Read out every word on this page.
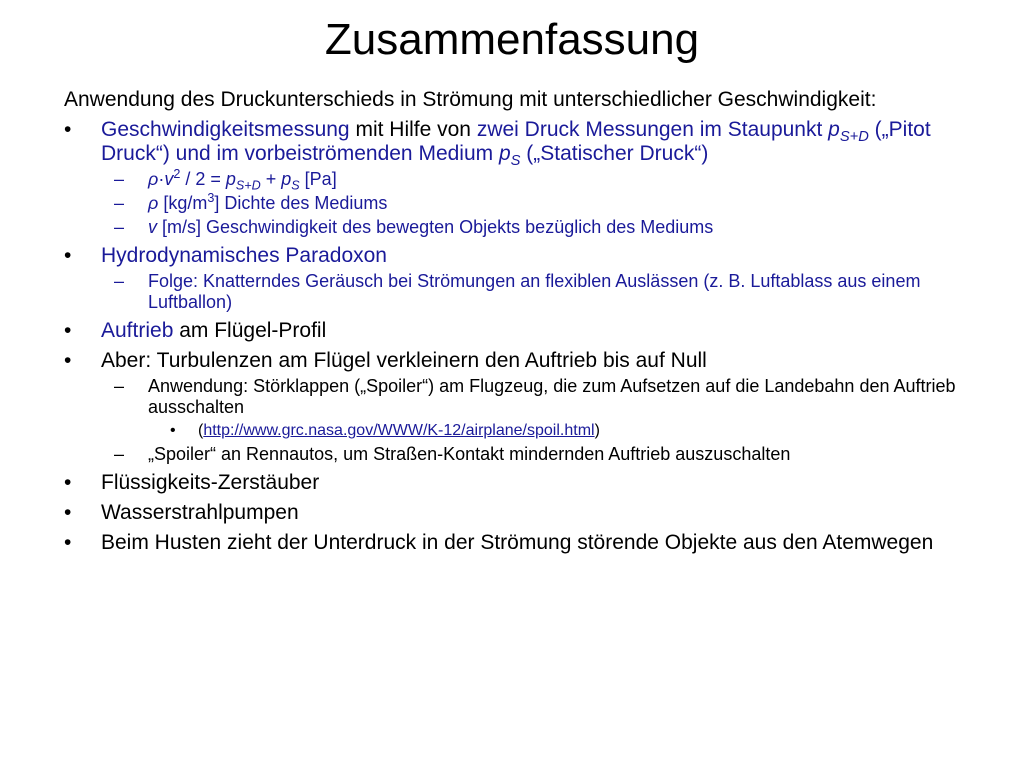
Zusammenfassung

Anwendung des Druckunterschieds in Strömung mit unterschiedlicher Geschwindigkeit:

• Geschwindigkeitsmessung mit Hilfe von zwei Druck Messungen im Staupunkt $p_{S+D}$ („Pitot Druck“) und im vorbeiströmenden Medium $p_S$ („Statischer Druck“)
– $\rho\cdot v^2 / 2 = p_{S+D} + p_S$ [Pa]
– ρ $[kg/m^3]$ Dichte des Mediums
– v [m/s] Geschwindigkeit des bewegten Objekts bezüglich des Mediums
• Hydrodynamisches Paradoxon
– Folge: Knatterndes Geräusch bei Strömungen an flexiblen Auslässen (z. B. Luftablass aus einem Luftballon)
• Auftrieb am Flügel-Profil
• Aber: Turbulenzen am Flügel verkleinern den Auftrieb bis auf Null
– Anwendung: Störklappen („Spoiler“) am Flugzeug, die zum Aufsetzen auf die Landebahn den Auftrieb ausschalten
• (http://www.grc.nasa.gov/WWW/K-12/airplane/spoil.html)
– „Spoiler“ an Rennautos, um Straßen-Kontakt mindernden Auftrieb auszuschalten
• Flüssigkeits-Zerstäuber
• Wasserstrahlpumpen
• Beim Husten zieht der Unterdruck in der Strömung störende Objekte aus den Atemwegen
